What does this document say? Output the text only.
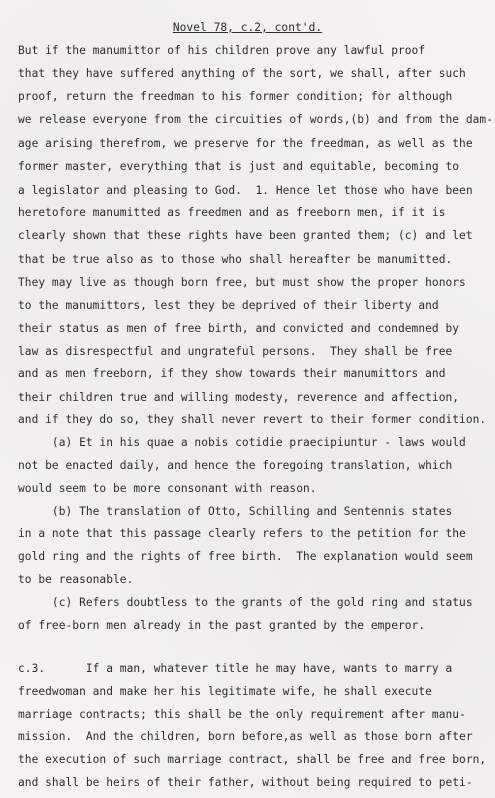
Novel 78, c.2, cont'd.
But if the manumittor of his children prove any lawful proof
that they have suffered anything of the sort, we shall, after such
proof, return the freedman to his former condition; for although
we release everyone from the circuities of words,(b) and from the dam-
age arising therefrom, we preserve for the freedman, as well as the
former master, everything that is just and equitable, becoming to
a legislator and pleasing to God.  1. Hence let those who have been
heretofore manumitted as freedmen and as freeborn men, if it is
clearly shown that these rights have been granted them; (c) and let
that be true also as to those who shall hereafter be manumitted.
They may live as though born free, but must show the proper honors
to the manumittors, lest they be deprived of their liberty and
their status as men of free birth, and convicted and condemned by
law as disrespectful and ungrateful persons.  They shall be free
and as men freeborn, if they show towards their manumittors and
their children true and willing modesty, reverence and affection,
and if they do so, they shall never revert to their former condition.
(a) Et in his quae a nobis cotidie praecipiuntur - laws would
not be enacted daily, and hence the foregoing translation, which
would seem to be more consonant with reason.
(b) The translation of Otto, Schilling and Sentennis states
in a note that this passage clearly refers to the petition for the
gold ring and the rights of free birth.  The explanation would seem
to be reasonable.
(c) Refers doubtless to the grants of the gold ring and status
of free-born men already in the past granted by the emperor.
c.3.      If a man, whatever title he may have, wants to marry a
freedwoman and make her his legitimate wife, he shall execute
marriage contracts; this shall be the only requirement after manu-
mission.  And the children, born before,as well as those born after
the execution of such marriage contract, shall be free and free born,
and shall be heirs of their father, without being required to peti-
